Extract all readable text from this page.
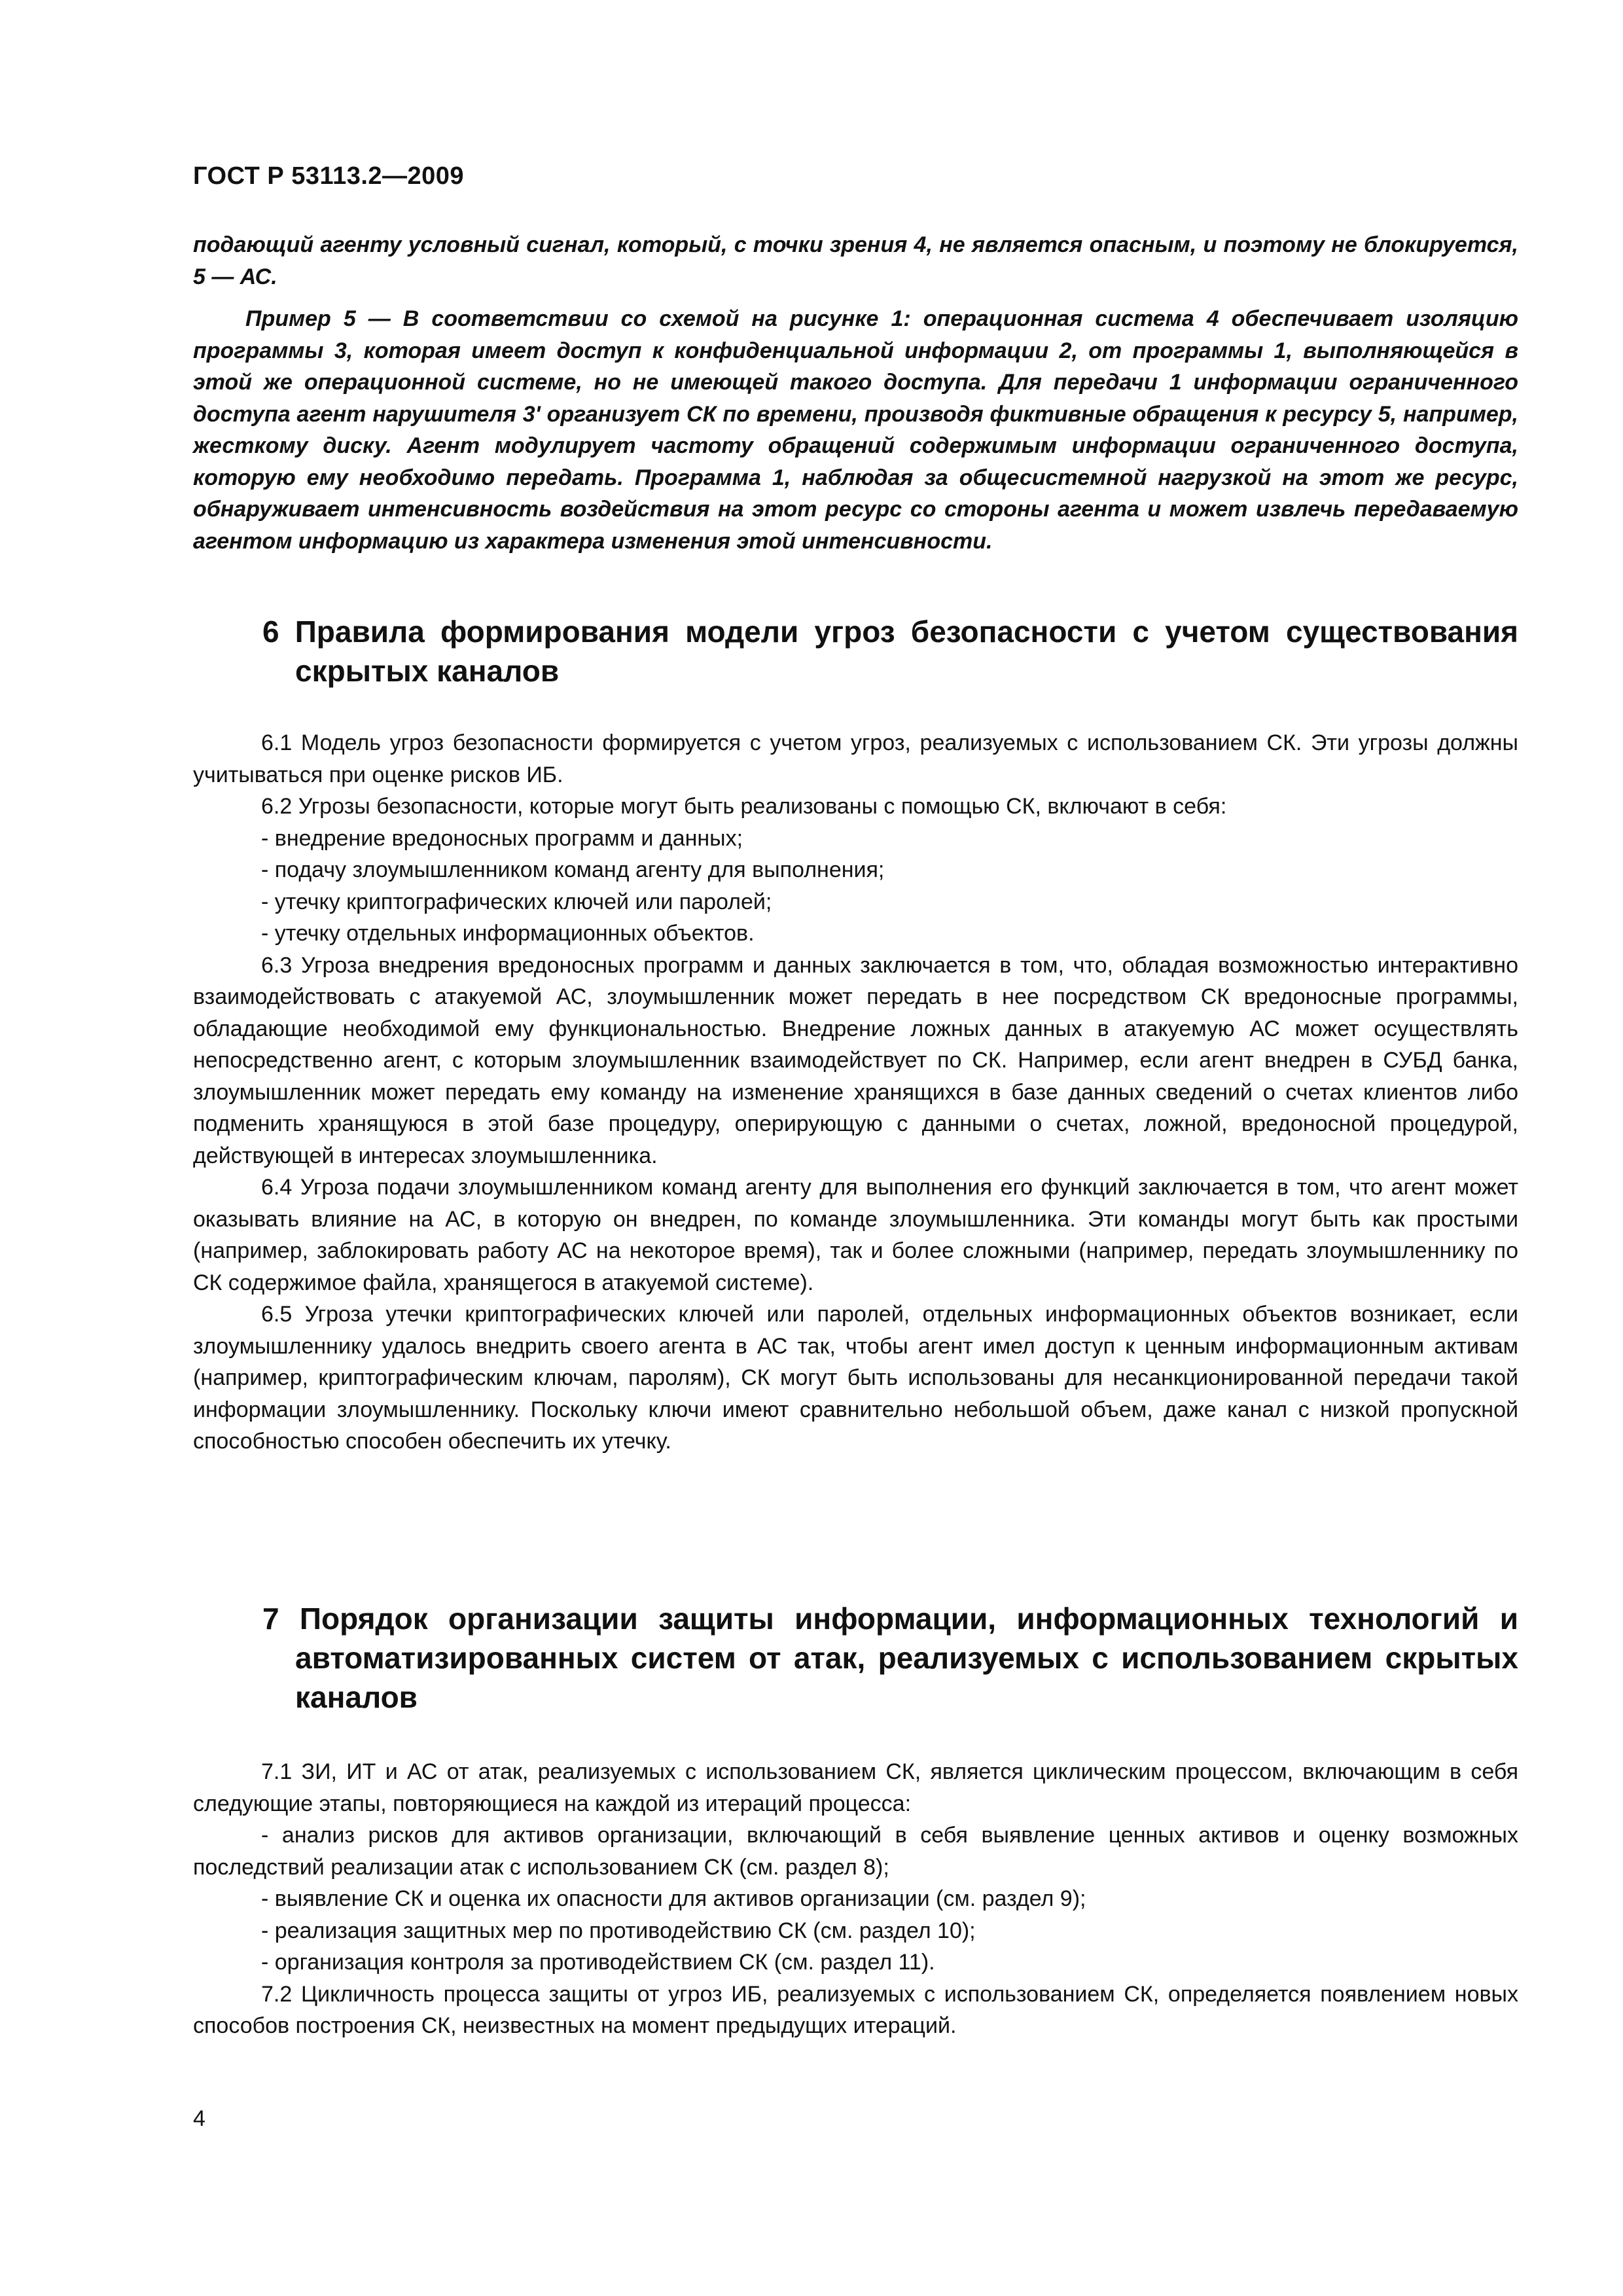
ГОСТ Р 53113.2—2009

подающий агенту условный сигнал, который, с точки зрения 4, не является опасным, и поэтому не блокируется, 5 — АС.

Пример 5 — В соответствии со схемой на рисунке 1: операционная система 4 обеспечивает изоляцию программы 3, которая имеет доступ к конфиденциальной информации 2, от программы 1, выполняющейся в этой же операционной системе, но не имеющей такого доступа. Для передачи 1 информации ограниченного доступа агент нарушителя 3' организует СК по времени, производя фиктивные обращения к ресурсу 5, например, жесткому диску. Агент модулирует частоту обращений содержимым информации ограниченного доступа, которую ему необходимо передать. Программа 1, наблюдая за общесистемной нагрузкой на этот же ресурс, обнаруживает интенсивность воздействия на этот ресурс со стороны агента и может извлечь передаваемую агентом информацию из характера изменения этой интенсивности.

6 Правила формирования модели угроз безопасности с учетом существования скрытых каналов

6.1 Модель угроз безопасности формируется с учетом угроз, реализуемых с использованием СК. Эти угрозы должны учитываться при оценке рисков ИБ.

6.2 Угрозы безопасности, которые могут быть реализованы с помощью СК, включают в себя:

- внедрение вредоносных программ и данных;

- подачу злоумышленником команд агенту для выполнения;

- утечку криптографических ключей или паролей;

- утечку отдельных информационных объектов.

6.3 Угроза внедрения вредоносных программ и данных заключается в том, что, обладая возможностью интерактивно взаимодействовать с атакуемой АС, злоумышленник может передать в нее посредством СК вредоносные программы, обладающие необходимой ему функциональностью. Внедрение ложных данных в атакуемую АС может осуществлять непосредственно агент, с которым злоумышленник взаимодействует по СК. Например, если агент внедрен в СУБД банка, злоумышленник может передать ему команду на изменение хранящихся в базе данных сведений о счетах клиентов либо подменить хранящуюся в этой базе процедуру, оперирующую с данными о счетах, ложной, вредоносной процедурой, действующей в интересах злоумышленника.

6.4 Угроза подачи злоумышленником команд агенту для выполнения его функций заключается в том, что агент может оказывать влияние на АС, в которую он внедрен, по команде злоумышленника. Эти команды могут быть как простыми (например, заблокировать работу АС на некоторое время), так и более сложными (например, передать злоумышленнику по СК содержимое файла, хранящегося в атакуемой системе).

6.5 Угроза утечки криптографических ключей или паролей, отдельных информационных объектов возникает, если злоумышленнику удалось внедрить своего агента в АС так, чтобы агент имел доступ к ценным информационным активам (например, криптографическим ключам, паролям), СК могут быть использованы для несанкционированной передачи такой информации злоумышленнику. Поскольку ключи имеют сравнительно небольшой объем, даже канал с низкой пропускной способностью способен обеспечить их утечку.

7 Порядок организации защиты информации, информационных технологий и автоматизированных систем от атак, реализуемых с использованием скрытых каналов

7.1 ЗИ, ИТ и АС от атак, реализуемых с использованием СК, является циклическим процессом, включающим в себя следующие этапы, повторяющиеся на каждой из итераций процесса:

- анализ рисков для активов организации, включающий в себя выявление ценных активов и оценку возможных последствий реализации атак с использованием СК (см. раздел 8);

- выявление СК и оценка их опасности для активов организации (см. раздел 9);

- реализация защитных мер по противодействию СК (см. раздел 10);

- организация контроля за противодействием СК (см. раздел 11).

7.2 Цикличность процесса защиты от угроз ИБ, реализуемых с использованием СК, определяется появлением новых способов построения СК, неизвестных на момент предыдущих итераций.

4
